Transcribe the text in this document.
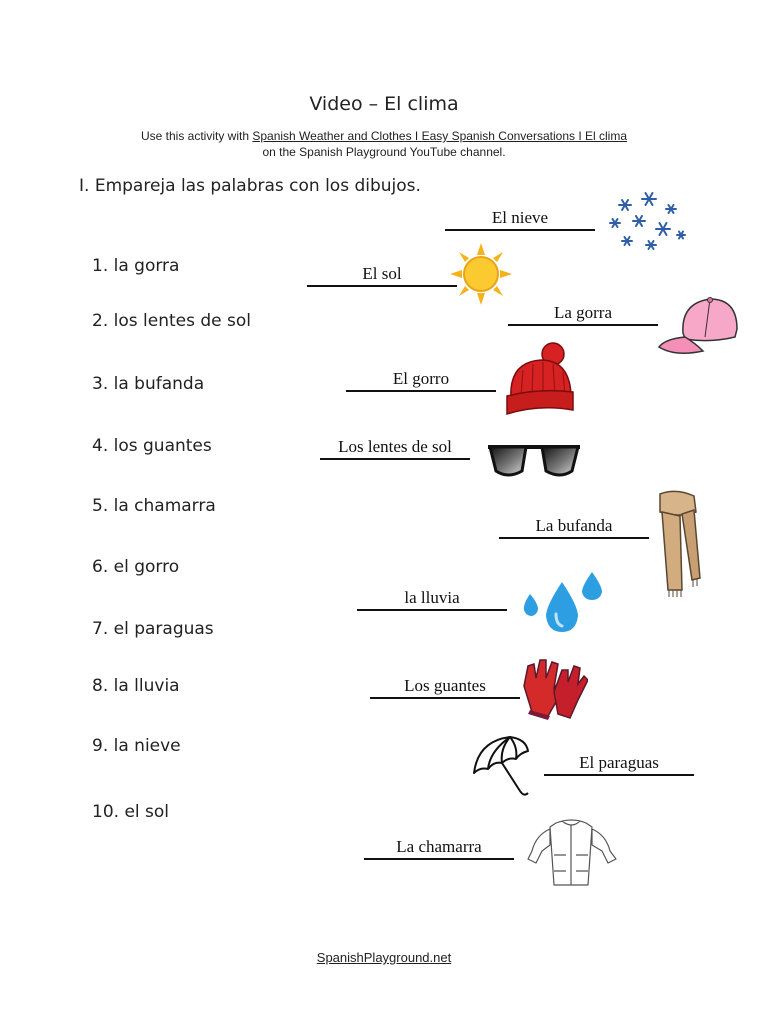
Video – El clima
Use this activity with Spanish Weather and Clothes I Easy Spanish Conversations I El clima
on the Spanish Playground YouTube channel.
I. Empareja las palabras con los dibujos.
1. la gorra
2. los lentes de sol
3. la bufanda
4. los guantes
5. la chamarra
6. el gorro
7. el paraguas
8. la lluvia
9. la nieve
10. el sol
El nieve
El sol
La gorra
El gorro
Los lentes de sol
La bufanda
la lluvia
Los guantes
El paraguas
La chamarra
SpanishPlayground.net
